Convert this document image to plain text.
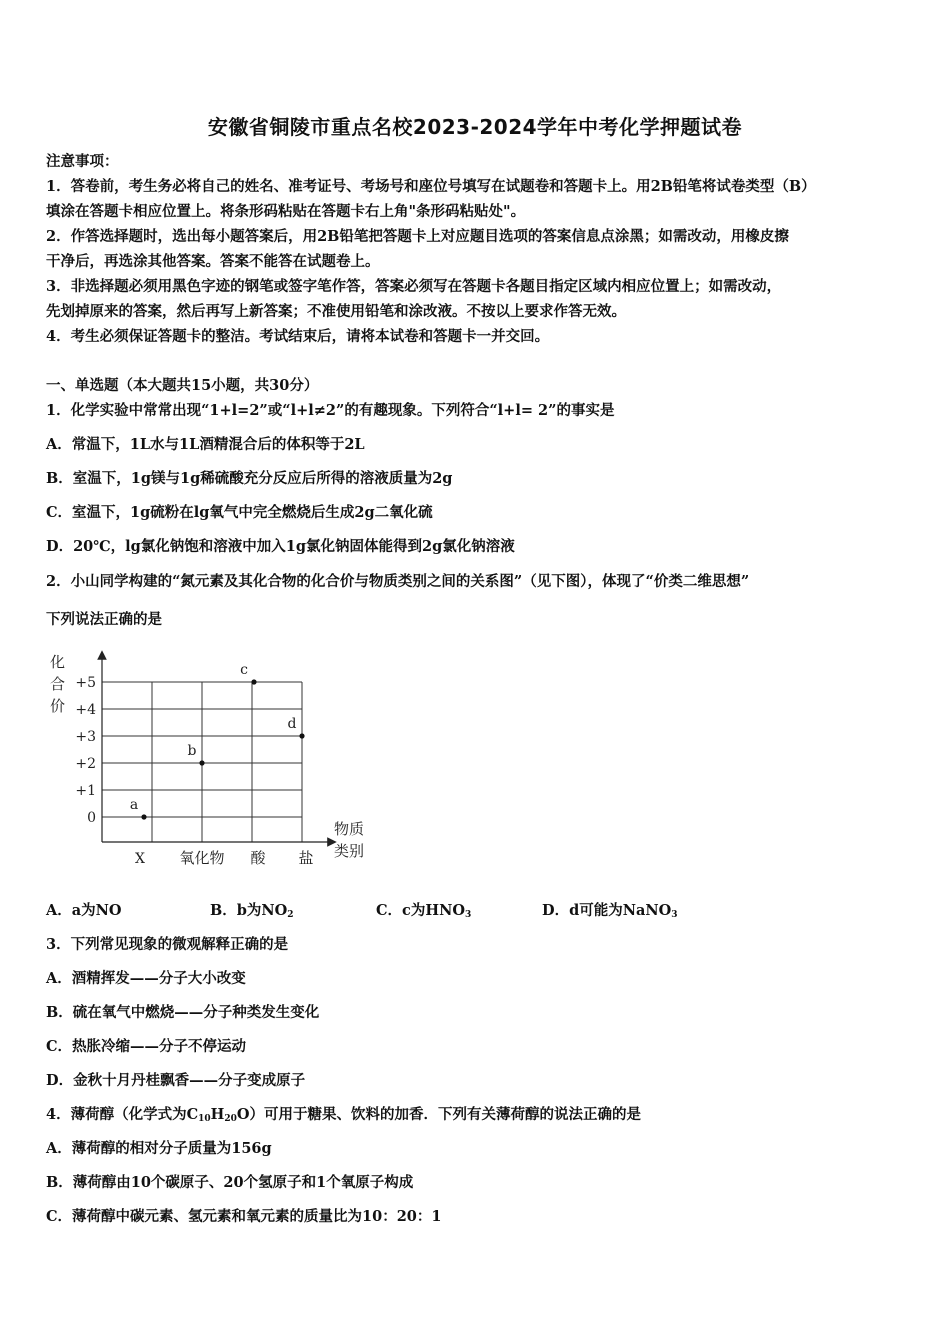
安徽省铜陵市重点名校2023-2024学年中考化学押题试卷
注意事项：
1．答卷前，考生务必将自己的姓名、准考证号、考场号和座位号填写在试题卷和答题卡上。用2B铅笔将试卷类型（B）
填涂在答题卡相应位置上。将条形码粘贴在答题卡右上角"条形码粘贴处"。
2．作答选择题时，选出每小题答案后，用2B铅笔把答题卡上对应题目选项的答案信息点涂黑；如需改动，用橡皮擦
干净后，再选涂其他答案。答案不能答在试题卷上。
3．非选择题必须用黑色字迹的钢笔或签字笔作答，答案必须写在答题卡各题目指定区域内相应位置上；如需改动，
先划掉原来的答案，然后再写上新答案；不准使用铅笔和涂改液。不按以上要求作答无效。
4．考生必须保证答题卡的整洁。考试结束后，请将本试卷和答题卡一并交回。
一、单选题（本大题共15小题，共30分）
1．化学实验中常常出现“1+l=2”或“l+l≠2”的有趣现象。下列符合“l+l= 2”的事实是
A．常温下，1L水与1L酒精混合后的体积等于2L
B．室温下，1g镁与1g稀硫酸充分反应后所得的溶液质量为2g
C．室温下，1g硫粉在lg氧气中完全燃烧后生成2g二氧化硫
D．20℃，lg氯化钠饱和溶液中加入1g氯化钠固体能得到2g氯化钠溶液
2．小山同学构建的“氮元素及其化合物的化合价与物质类别之间的关系图”（见下图），体现了“价类二维思想”
下列说法正确的是
化
合
价
物质
类别
+5
+4
+3
+2
+1
0
X 氧化物 酸 盐
a
b
c
d
A．a为NO	B．b为$NO_2$	C．c为$HNO_3$	D．d可能为NaNO$_3$
3．下列常见现象的微观解释正确的是
A．酒精挥发——分子大小改变
B．硫在氧气中燃烧——分子种类发生变化
C．热胀冷缩——分子不停运动
D．金秋十月丹桂飘香——分子变成原子
4．薄荷醇（化学式为$C_{10}H_{20}O$）可用于糖果、饮料的加香．下列有关薄荷醇的说法正确的是
A．薄荷醇的相对分子质量为156g
B．薄荷醇由10个碳原子、20个氢原子和1个氧原子构成
C．薄荷醇中碳元素、氢元素和氧元素的质量比为10：20：1
